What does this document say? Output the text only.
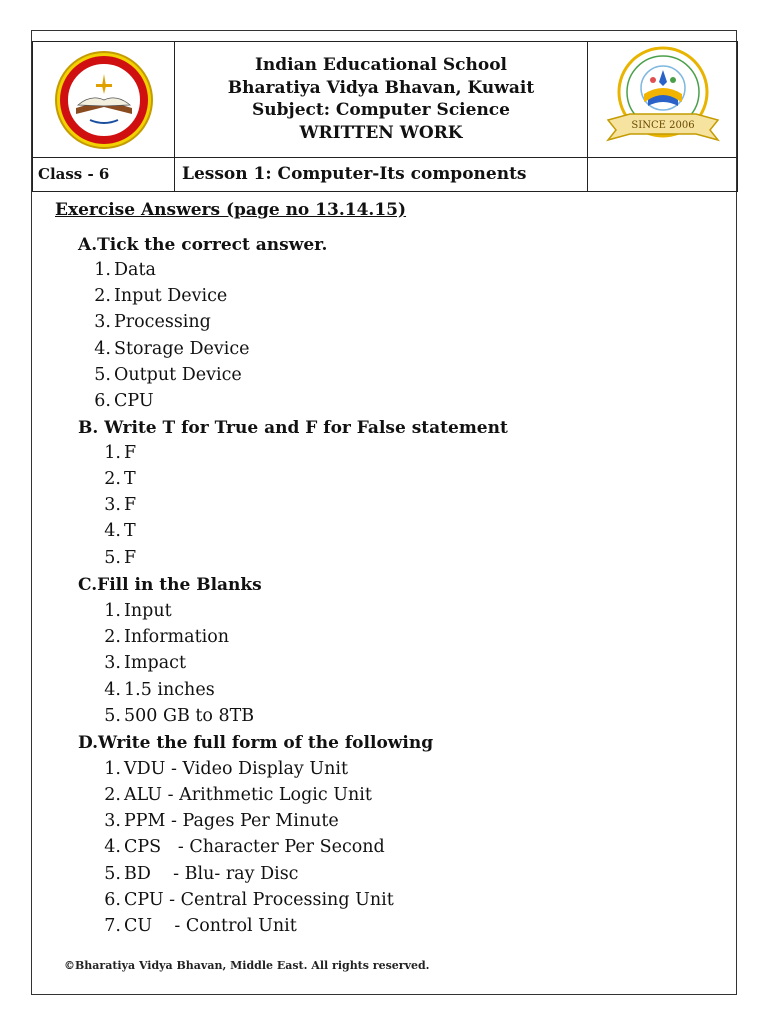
Indian Educational School
Bharatiya Vidya Bhavan, Kuwait
Subject: Computer Science
WRITTEN WORK	SINCE 2006
Class - 6	Lesson 1: Computer-Its components
Exercise Answers (page no 13.14.15)
A.Tick the correct answer.
1. Data
2. Input Device
3. Processing
4. Storage Device
5. Output Device
6. CPU
B. Write T for True and F for False statement
1. F
2. T
3. F
4. T
5. F
C.Fill in the Blanks
1. Input
2. Information
3. Impact
4. 1.5 inches
5. 500 GB to 8TB
D.Write the full form of the following
1. VDU - Video Display Unit
2. ALU - Arithmetic Logic Unit
3. PPM - Pages Per Minute
4. CPS   - Character Per Second
5. BD    - Blu- ray Disc
6. CPU - Central Processing Unit
7. CU    - Control Unit
©Bharatiya Vidya Bhavan, Middle East. All rights reserved.
